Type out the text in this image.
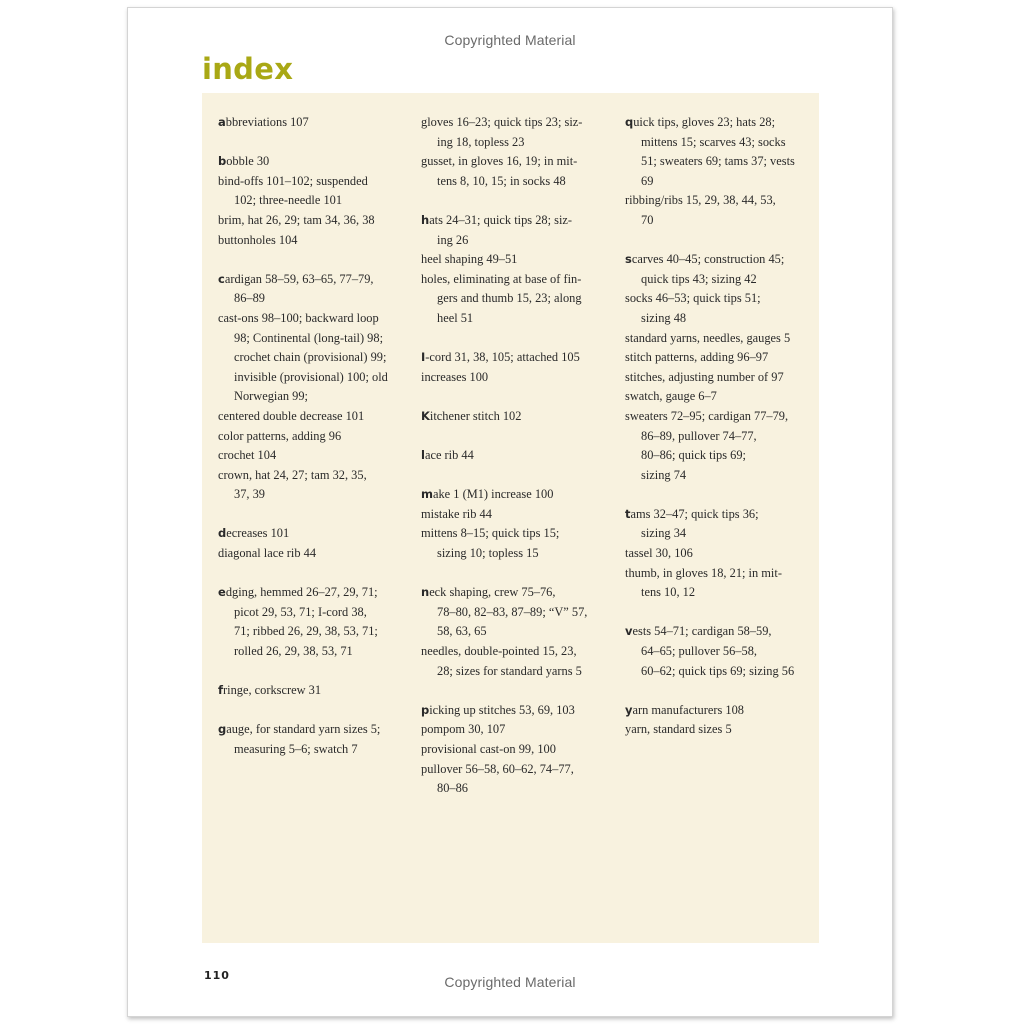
Copyrighted Material
index
abbreviations 107
bobble 30
bind-offs 101–102; suspended
102; three-needle 101
brim, hat 26, 29; tam 34, 36, 38
buttonholes 104
cardigan 58–59, 63–65, 77–79,
86–89
cast-ons 98–100; backward loop
98; Continental (long-tail) 98;
crochet chain (provisional) 99;
invisible (provisional) 100; old
Norwegian 99;
centered double decrease 101
color patterns, adding 96
crochet 104
crown, hat 24, 27; tam 32, 35,
37, 39
decreases 101
diagonal lace rib 44
edging, hemmed 26–27, 29, 71;
picot 29, 53, 71; I-cord 38,
71; ribbed 26, 29, 38, 53, 71;
rolled 26, 29, 38, 53, 71
fringe, corkscrew 31
gauge, for standard yarn sizes 5;
measuring 5–6; swatch 7
gloves 16–23; quick tips 23; siz-
ing 18, topless 23
gusset, in gloves 16, 19; in mit-
tens 8, 10, 15; in socks 48
hats 24–31; quick tips 28; siz-
ing 26
heel shaping 49–51
holes, eliminating at base of fin-
gers and thumb 15, 23; along
heel 51
I-cord 31, 38, 105; attached 105
increases 100
Kitchener stitch 102
lace rib 44
make 1 (M1) increase 100
mistake rib 44
mittens 8–15; quick tips 15;
sizing 10; topless 15
neck shaping, crew 75–76,
78–80, 82–83, 87–89; “V” 57,
58, 63, 65
needles, double-pointed 15, 23,
28; sizes for standard yarns 5
picking up stitches 53, 69, 103
pompom 30, 107
provisional cast-on 99, 100
pullover 56–58, 60–62, 74–77,
80–86
quick tips, gloves 23; hats 28;
mittens 15; scarves 43; socks
51; sweaters 69; tams 37; vests
69
ribbing/ribs 15, 29, 38, 44, 53,
70
scarves 40–45; construction 45;
quick tips 43; sizing 42
socks 46–53; quick tips 51;
sizing 48
standard yarns, needles, gauges 5
stitch patterns, adding 96–97
stitches, adjusting number of 97
swatch, gauge 6–7
sweaters 72–95; cardigan 77–79,
86–89, pullover 74–77,
80–86; quick tips 69;
sizing 74
tams 32–47; quick tips 36;
sizing 34
tassel 30, 106
thumb, in gloves 18, 21; in mit-
tens 10, 12
vests 54–71; cardigan 58–59,
64–65; pullover 56–58,
60–62; quick tips 69; sizing 56
yarn manufacturers 108
yarn, standard sizes 5
110	Copyrighted Material
